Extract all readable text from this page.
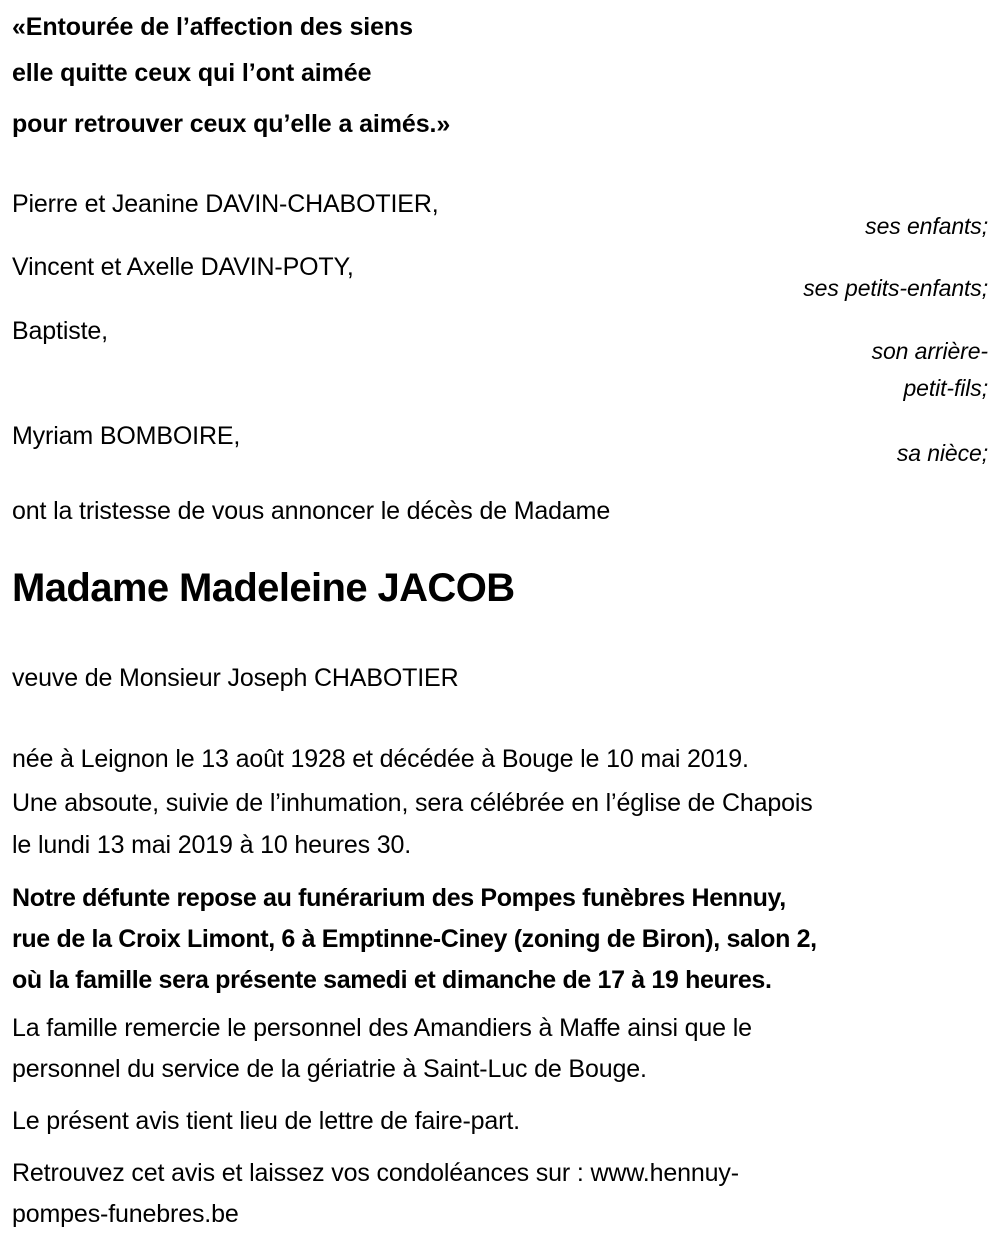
«Entourée de l’affection des siens
elle quitte ceux qui l’ont aimée
pour retrouver ceux qu’elle a aimés.»
Pierre et Jeanine DAVIN-CHABOTIER,
Vincent et Axelle DAVIN-POTY,
Baptiste,
Myriam BOMBOIRE,
ses enfants;
ses petits-enfants;
son arrière-
petit-fils;
sa nièce;
ont la tristesse de vous annoncer le décès de Madame
Madame Madeleine JACOB
veuve de Monsieur Joseph CHABOTIER
née à Leignon le 13 août 1928 et décédée à Bouge le 10 mai 2019.
Une absoute, suivie de l’inhumation, sera célébrée en l’église de Chapois
le lundi 13 mai 2019 à 10 heures 30.
Notre défunte repose au funérarium des Pompes funèbres Hennuy,
rue de la Croix Limont, 6 à Emptinne-Ciney (zoning de Biron), salon 2,
où la famille sera présente samedi et dimanche de 17 à 19 heures.
La famille remercie le personnel des Amandiers à Maffe ainsi que le
personnel du service de la gériatrie à Saint-Luc de Bouge.
Le présent avis tient lieu de lettre de faire-part.
Retrouvez cet avis et laissez vos condoléances sur : www.hennuy-
pompes-funebres.be
